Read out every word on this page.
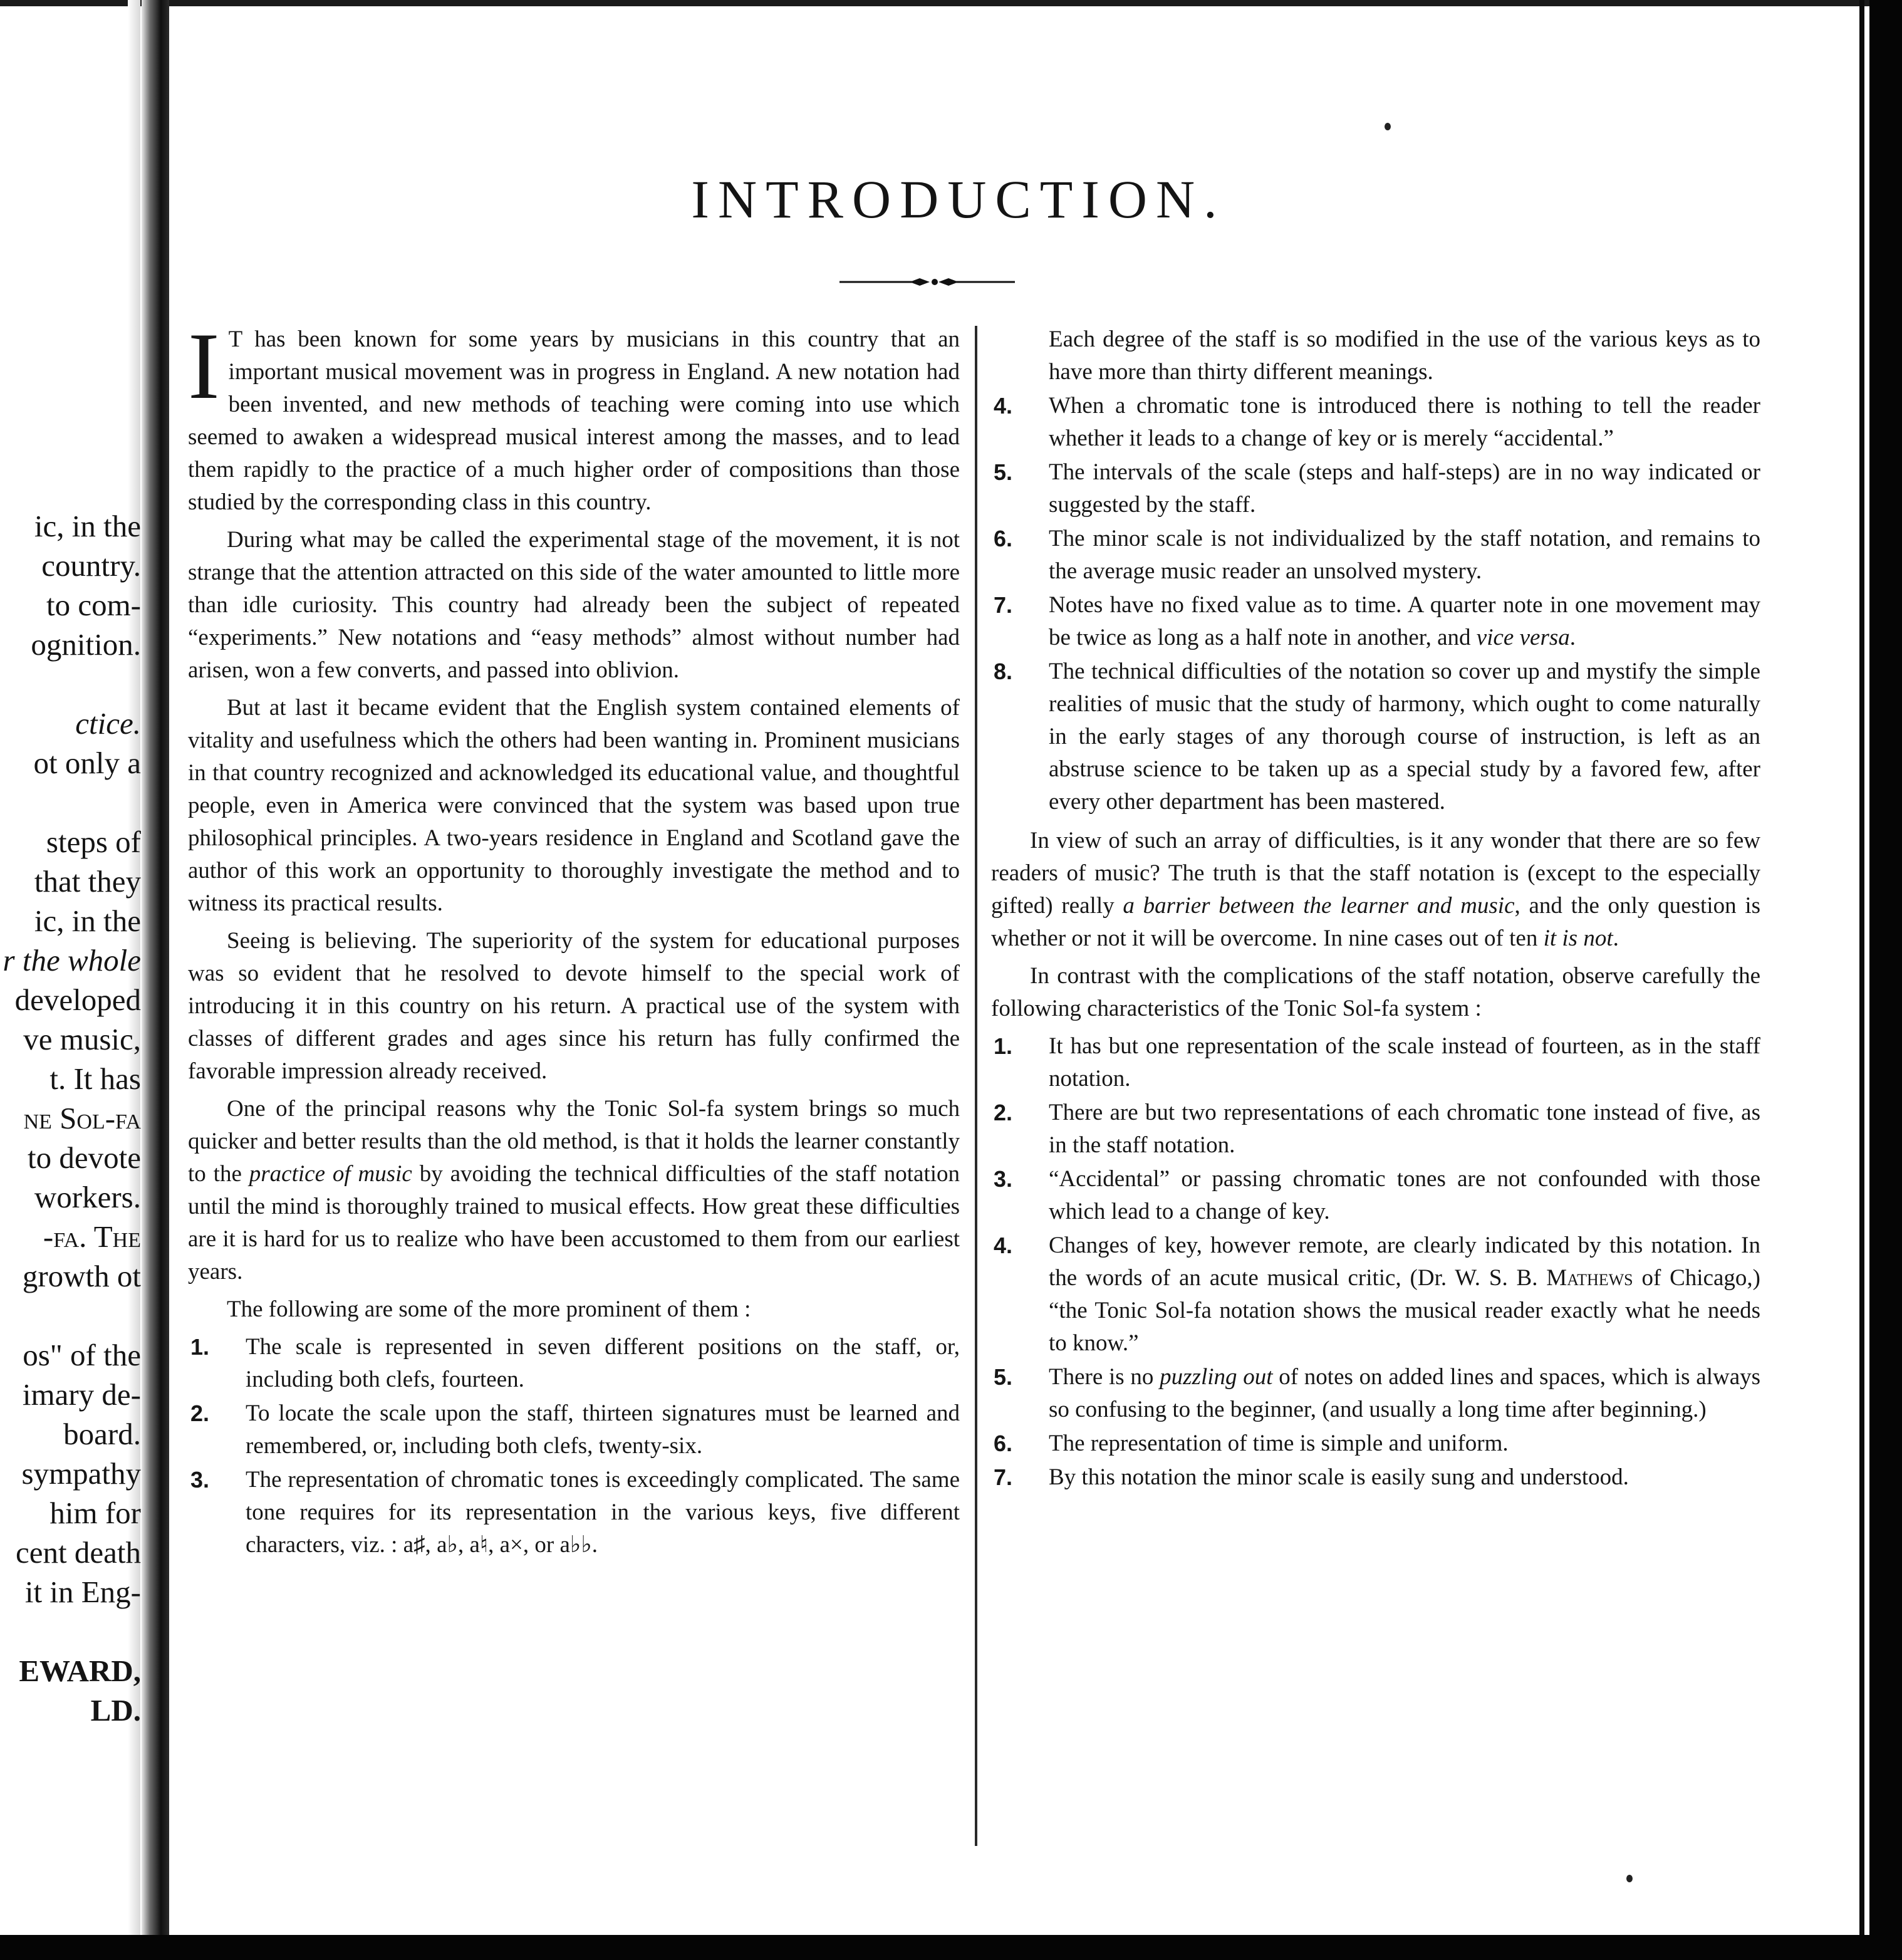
ic, in the
country.
to com-
ognition.
ctice.
ot only a
steps of
that they
ic, in the
r the whole
developed
ve music,
t. It has
ne Sol-fa
to devote
workers.
-fa. The
growth ot
os" of the
imary de-
board.
sympathy
him for
cent death
it in Eng-
EWARD,
LD.
INTRODUCTION.

I T has been known for some years by musicians in this country that an important musical movement was in progress in England. A new notation had been invented, and new methods of teaching were coming into use which seemed to awaken a widespread musical interest among the masses, and to lead them rapidly to the practice of a much higher order of compositions than those studied by the corresponding class in this country.

During what may be called the experimental stage of the movement, it is not strange that the attention attracted on this side of the water amounted to little more than idle curiosity. This country had already been the subject of repeated “experiments.” New notations and “easy methods” almost without number had arisen, won a few converts, and passed into oblivion.

But at last it became evident that the English system contained elements of vitality and usefulness which the others had been wanting in. Prominent musicians in that country recognized and acknowledged its educational value, and thoughtful people, even in America were convinced that the system was based upon true philosophical principles. A two-years residence in England and Scotland gave the author of this work an opportunity to thoroughly investigate the method and to witness its practical results.

Seeing is believing. The superiority of the system for educational purposes was so evident that he resolved to devote himself to the special work of introducing it in this country on his return. A practical use of the system with classes of different grades and ages since his return has fully confirmed the favorable impression already received.

One of the principal reasons why the Tonic Sol-fa system brings so much quicker and better results than the old method, is that it holds the learner constantly to the practice of music by avoiding the technical difficulties of the staff notation until the mind is thoroughly trained to musical effects. How great these difficulties are it is hard for us to realize who have been accustomed to them from our earliest years.

The following are some of the more prominent of them :

1. The scale is represented in seven different positions on the staff, or, including both clefs, fourteen.
2. To locate the scale upon the staff, thirteen signatures must be learned and remembered, or, including both clefs, twenty-six.
3. The representation of chromatic tones is exceedingly complicated. The same tone requires for its representation in the various keys, five different characters, viz. : a♯, a♭, a♮, a×, or a♭♭.
Each degree of the staff is so modified in the use of the various keys as to have more than thirty different meanings.
4. When a chromatic tone is introduced there is nothing to tell the reader whether it leads to a change of key or is merely “accidental.”
5. The intervals of the scale (steps and half-steps) are in no way indicated or suggested by the staff.
6. The minor scale is not individualized by the staff notation, and remains to the average music reader an unsolved mystery.
7. Notes have no fixed value as to time. A quarter note in one movement may be twice as long as a half note in another, and vice versa.
8. The technical difficulties of the notation so cover up and mystify the simple realities of music that the study of harmony, which ought to come naturally in the early stages of any thorough course of instruction, is left as an abstruse science to be taken up as a special study by a favored few, after every other department has been mastered.

In view of such an array of difficulties, is it any wonder that there are so few readers of music? The truth is that the staff notation is (except to the especially gifted) really a barrier between the learner and music, and the only question is whether or not it will be overcome. In nine cases out of ten it is not.

In contrast with the complications of the staff notation, observe carefully the following characteristics of the Tonic Sol-fa system :

1. It has but one representation of the scale instead of fourteen, as in the staff notation.
2. There are but two representations of each chromatic tone instead of five, as in the staff notation.
3. “Accidental” or passing chromatic tones are not confounded with those which lead to a change of key.
4. Changes of key, however remote, are clearly indicated by this notation. In the words of an acute musical critic, (Dr. W. S. B. Mathews of Chicago,) “the Tonic Sol-fa notation shows the musical reader exactly what he needs to know.”
5. There is no puzzling out of notes on added lines and spaces, which is always so confusing to the beginner, (and usually a long time after beginning.)
6. The representation of time is simple and uniform.
7. By this notation the minor scale is easily sung and understood.
